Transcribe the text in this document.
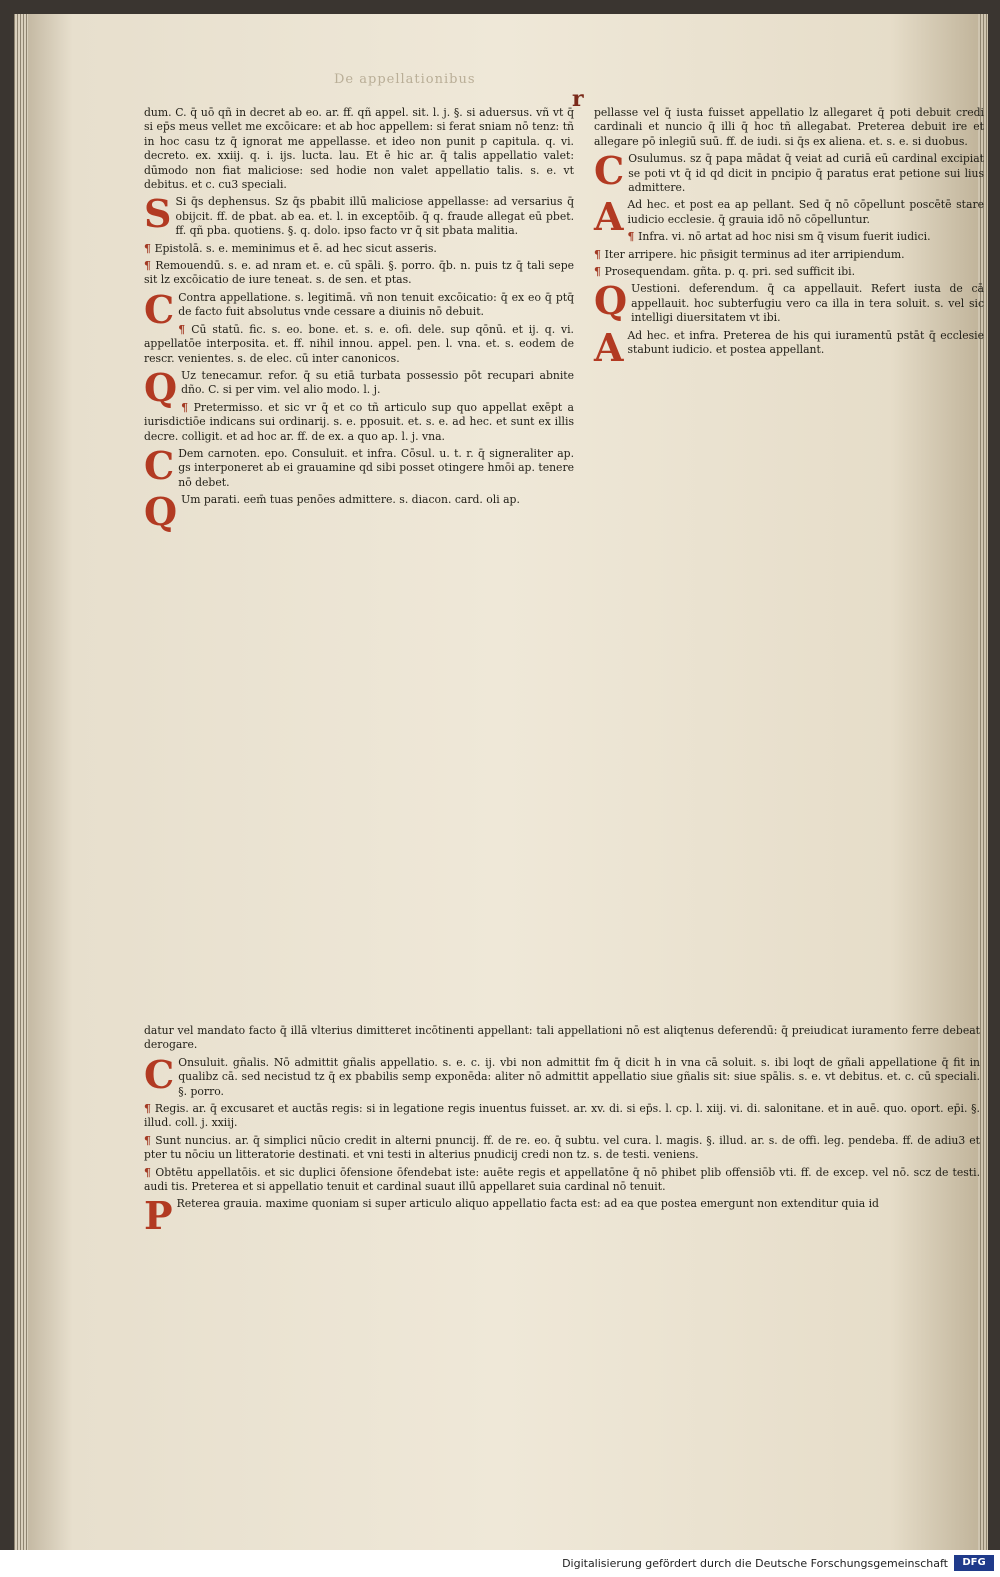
De appellationibus
r

dum. C. q̄ uō qñ in decret ab eo. ar. ff. qñ appel. sit. l. j. §. si aduersus. vñ vt q̄ si ep̄s meus vellet me excōicare: et ab hoc appellem: si ferat sniam nō tenz: tñ in hoc casu tz q̄ ignorat me appellasse. et ideo non punit p capitula. q. vi. decreto. ex. xxiij. q. i. ijs. lucta. lau. Et ē hic ar. q̄ talis appellatio valet: dūmodo non fiat maliciose: sed hodie non valet appellatio talis. s. e. vt debitus. et c. cu3 speciali.

S Si q̄s dephensus. Sz q̄s pbabit illū maliciose appellasse: ad versarius q̄ obijcit. ff. de pbat. ab ea. et. l. in exceptōib. q̄ q. fraude allegat eū pbet. ff. qñ pba. quotiens. §. q. dolo. ipso facto vr q̄ sit pbata malitia.

¶ Epistolā. s. e. meminimus et ē. ad hec sicut asseris.

¶ Remouendū. s. e. ad nram et. e. cū spāli. §. porro. q̄b. n. puis tz q̄ tali sepe sit lz excōicatio de iure teneat. s. de sen. et ptas.

C Contra appellatione. s. legitimā. vñ non tenuit excōicatio: q̄ ex eo q̄ ptq̄ de facto fuit absolutus vnde cessare a diuinis nō debuit.

¶ Cū statū. fic. s. eo. bone. et. s. e. ofi. dele. sup qōnū. et ij. q. vi. appellatōe interposita. et. ff. nihil innou. appel. pen. l. vna. et. s. eodem de rescr. venientes. s. de elec. cū inter canonicos.

Q Uz tenecamur. refor. q̄ su etiā turbata possessio pōt recupari abnite dño. C. si per vim. vel alio modo. l. j.

¶ Pretermisso. et sic vr q̄ et co tñ articulo sup quo appellat exēpt a iurisdictiōe indicans sui ordinarij. s. e. pposuit. et. s. e. ad hec. et sunt ex illis decre. colligit. et ad hoc ar. ff. de ex. a quo ap. l. j. vna.

C Dem carnoten. epo. Consuluit. et infra. Cōsul. u. t. r. q̄ signeraliter ap. gs interponeret ab ei grauamine qd sibi posset otingere hmōi ap. tenere nō debet.

Q Um parati. eem̄ tuas penōes admittere. s. diacon. card. oli ap.

pellasse vel q̄ iusta fuisset appellatio lz allegaret q̄ poti debuit credi cardinali et nuncio q̄ illi q̄ hoc tñ allegabat. Preterea debuit ire et allegare pō inlegiū suū. ff. de iudi. si q̄s ex aliena. et. s. e. si duobus.

C Osulumus. sz q̄ papa mādat q̄ veiat ad curiā eū cardinal excipiat se poti vt q̄ id qd dicit in pncipio q̄ paratus erat petione sui lius admittere.

A Ad hec. et post ea ap pellant. Sed q̄ nō cōpellunt poscētē stare iudicio ecclesie. q̄ grauia idō nō cōpelluntur.

¶ Infra. vi. nō artat ad hoc nisi sm q̄ visum fuerit iudici.

¶ Iter arripere. hic pñsigit terminus ad iter arripiendum.

¶ Prosequendam. gñta. p. q. pri. sed sufficit ibi.

Q Uestioni. deferendum. q̄ ca appellauit. Refert iusta de cā appellauit. hoc subterfugiu vero ca illa in tera soluit. s. vel sic intelligi diuersitatem vt ibi.

A Ad hec. et infra. Preterea de his qui iuramentū pstāt q̄ ecclesie stabunt iudicio. et postea appellant.

datur vel mandato facto q̄ illā vlterius dimitteret incōtinenti appellant: tali appellationi nō est aliqtenus deferendū: q̄ preiudicat iuramento ferre debeat derogare.

C Onsuluit. gñalis. Nō admittit gñalis appellatio. s. e. c. ij. vbi non admittit fm q̄ dicit h in vna cā soluit. s. ibi loqt de gñali appellatione q̄ fit in qualibz cā. sed necistud tz q̄ ex pbabilis semp exponēda: aliter nō admittit appellatio siue gñalis sit: siue spālis. s. e. vt debitus. et. c. cū speciali. §. porro.

¶ Regis. ar. q̄ excusaret et auctās regis: si in legatione regis inuentus fuisset. ar. xv. di. si ep̄s. l. cp. l. xiij. vi. di. salonitane. et in auē. quo. oport. ep̄i. §. illud. coll. j. xxiij.

¶ Sunt nuncius. ar. q̄ simplici nūcio credit in alterni pnuncij. ff. de re. eo. q̄ subtu. vel cura. l. magis. §. illud. ar. s. de offi. leg. pendeba. ff. de adiu3 et pter tu nōciu un litteratorie destinati. et vni testi in alterius pnudicij credi non tz. s. de testi. veniens.

¶ Obtētu appellatōis. et sic duplici ōfensione ōfendebat iste: auēte regis et appellatōne q̄ nō phibet plib offensiōb vti. ff. de excep. vel nō. scz de testi. audi tis. Preterea et si appellatio tenuit et cardinal suaut illū appellaret suia cardinal nō tenuit.

P Reterea grauia. maxime quoniam si super articulo aliquo appellatio facta est: ad ea que postea emergunt non extenditur quia id

Digitalisierung gefördert durch die Deutsche Forschungsgemeinschaft	DFG
